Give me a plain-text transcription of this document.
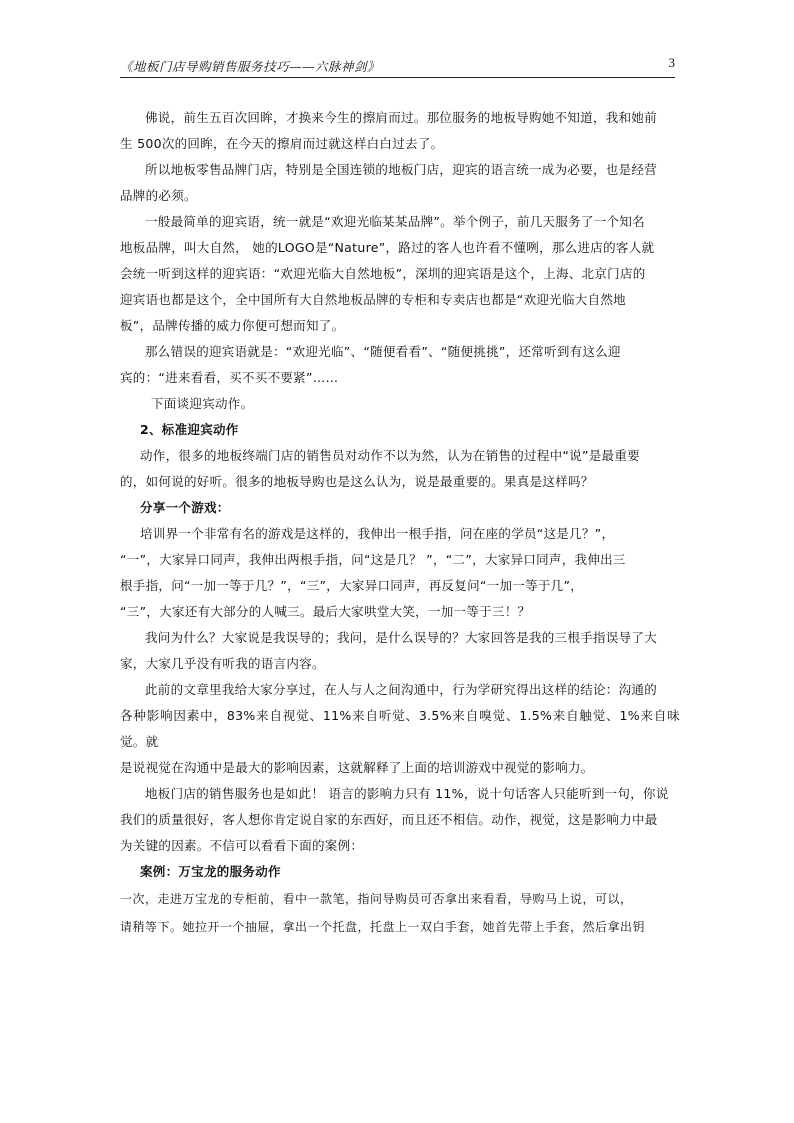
《地板门店导购销售服务技巧——六脉神剑》	3

佛说，前生五百次回眸，才换来今生的擦肩而过。那位服务的地板导购她不知道，我和她前

生 500次的回眸，在今天的擦肩而过就这样白白过去了。

所以地板零售品牌门店，特别是全国连锁的地板门店，迎宾的语言统一成为必要，也是经营

品牌的必须。

一般最简单的迎宾语，统一就是“欢迎光临某某品牌”。举个例子，前几天服务了一个知名

地板品牌，叫大自然， 她的LOGO是“Nature”，路过的客人也许看不懂咧，那么进店的客人就

会统一听到这样的迎宾语：“欢迎光临大自然地板”，深圳的迎宾语是这个，上海、北京门店的

迎宾语也都是这个，全中国所有大自然地板品牌的专柜和专卖店也都是“欢迎光临大自然地

板”，品牌传播的威力你便可想而知了。

那么错误的迎宾语就是：“欢迎光临”、“随便看看”、“随便挑挑”，还常听到有这么迎

宾的：“进来看看，买不买不要紧”……

下面谈迎宾动作。

2、标准迎宾动作

动作，很多的地板终端门店的销售员对动作不以为然，认为在销售的过程中“说”是最重要

的，如何说的好听。很多的地板导购也是这么认为，说是最重要的。果真是这样吗？

分享一个游戏：

培训界一个非常有名的游戏是这样的，我伸出一根手指，问在座的学员“这是几？”，

“一”，大家异口同声，我伸出两根手指，问“这是几？ ”，“二”，大家异口同声，我伸出三

根手指，问“一加一等于几？”，“三”，大家异口同声，再反复问“一加一等于几”，

“三”，大家还有大部分的人喊三。最后大家哄堂大笑，一加一等于三！？

我问为什么？大家说是我误导的；我问，是什么误导的？大家回答是我的三根手指误导了大

家，大家几乎没有听我的语言内容。

此前的文章里我给大家分享过，在人与人之间沟通中，行为学研究得出这样的结论：沟通的

各种影响因素中，83%来自视觉、11%来自听觉、3.5%来自嗅觉、1.5%来自触觉、1%来自味觉。就

是说视觉在沟通中是最大的影响因素，这就解释了上面的培训游戏中视觉的影响力。

地板门店的销售服务也是如此！ 语言的影响力只有 11%，说十句话客人只能听到一句，你说

我们的质量很好，客人想你肯定说自家的东西好，而且还不相信。动作，视觉，这是影响力中最

为关键的因素。不信可以看看下面的案例：

案例：万宝龙的服务动作

一次，走进万宝龙的专柜前，看中一款笔，指问导购员可否拿出来看看，导购马上说，可以，

请稍等下。她拉开一个抽屉，拿出一个托盘，托盘上一双白手套，她首先带上手套，然后拿出钥
